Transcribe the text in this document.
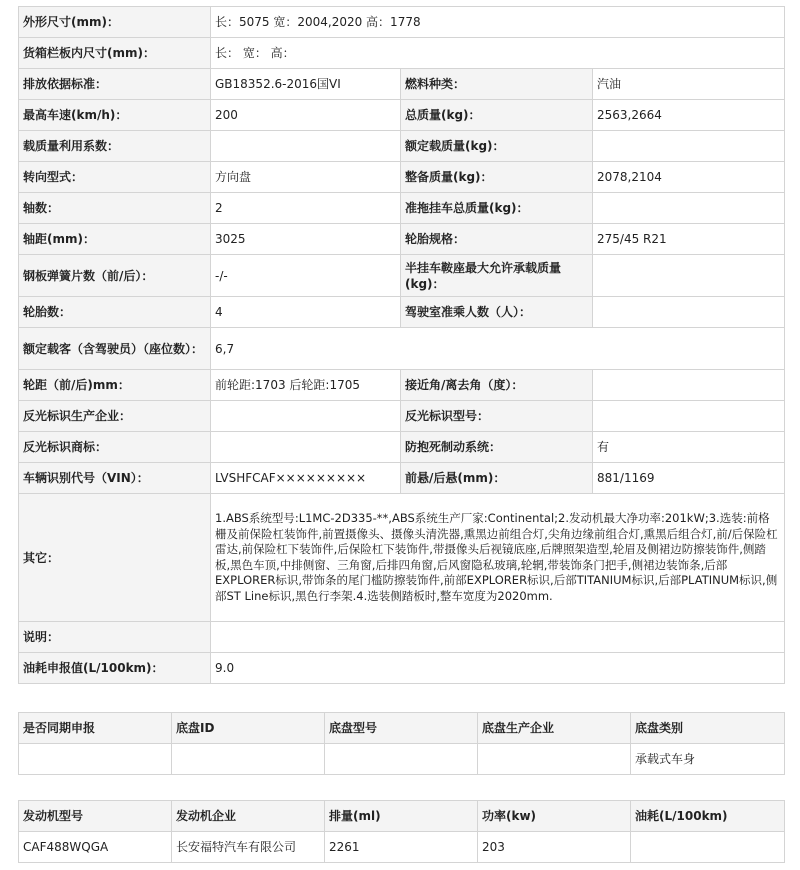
外形尺寸(mm)：	长：5075 宽：2004,2020 高：1778		
货箱栏板内尺寸(mm)：	长： 宽： 高：		
排放依据标准：	GB18352.6-2016国VI	燃料种类：	汽油
最高车速(km/h)：	200	总质量(kg)：	2563,2664
载质量利用系数：		额定载质量(kg)：	
转向型式：	方向盘	整备质量(kg)：	2078,2104
轴数：	2	准拖挂车总质量(kg)：	
轴距(mm)：	3025	轮胎规格：	275/45 R21
钢板弹簧片数（前/后）：	-/-	半挂车鞍座最大允许承载质量(kg)：	
轮胎数：	4	驾驶室准乘人数（人）：	
额定载客（含驾驶员）（座位数）：	6,7		
轮距（前/后)mm：	前轮距:1703 后轮距:1705	接近角/离去角（度）：	
反光标识生产企业：		反光标识型号：	
反光标识商标：		防抱死制动系统：	有
车辆识别代号（VIN）：	LVSHFCAF×××××××××	前悬/后悬(mm)：	881/1169
其它：	1.ABS系统型号:L1MC-2D335-**,ABS系统生产厂家:Continental;2.发动机最大净功率:201kW;3.选装:前格栅及前保险杠装饰件,前置摄像头、摄像头清洗器,熏黑边前组合灯,尖角边缘前组合灯,熏黑后组合灯,前/后保险杠雷达,前保险杠下装饰件,后保险杠下装饰件,带摄像头后视镜底座,后牌照架造型,轮眉及侧裙边防擦装饰件,侧踏板,黑色车顶,中排侧窗、三角窗,后排四角窗,后风窗隐私玻璃,轮辋,带装饰条门把手,侧裙边装饰条,后部EXPLORER标识,带饰条的尾门槛防擦装饰件,前部EXPLORER标识,后部TITANIUM标识,后部PLATINUM标识,侧部ST Line标识,黑色行李架.4.选装侧踏板时,整车宽度为2020mm.		
说明：			
油耗申报值(L/100km)：	9.0		
是否同期申报	底盘ID	底盘型号	底盘生产企业	底盘类别
				承载式车身
发动机型号	发动机企业	排量(ml)	功率(kw)	油耗(L/100km)
CAF488WQGA	长安福特汽车有限公司	2261	203	
